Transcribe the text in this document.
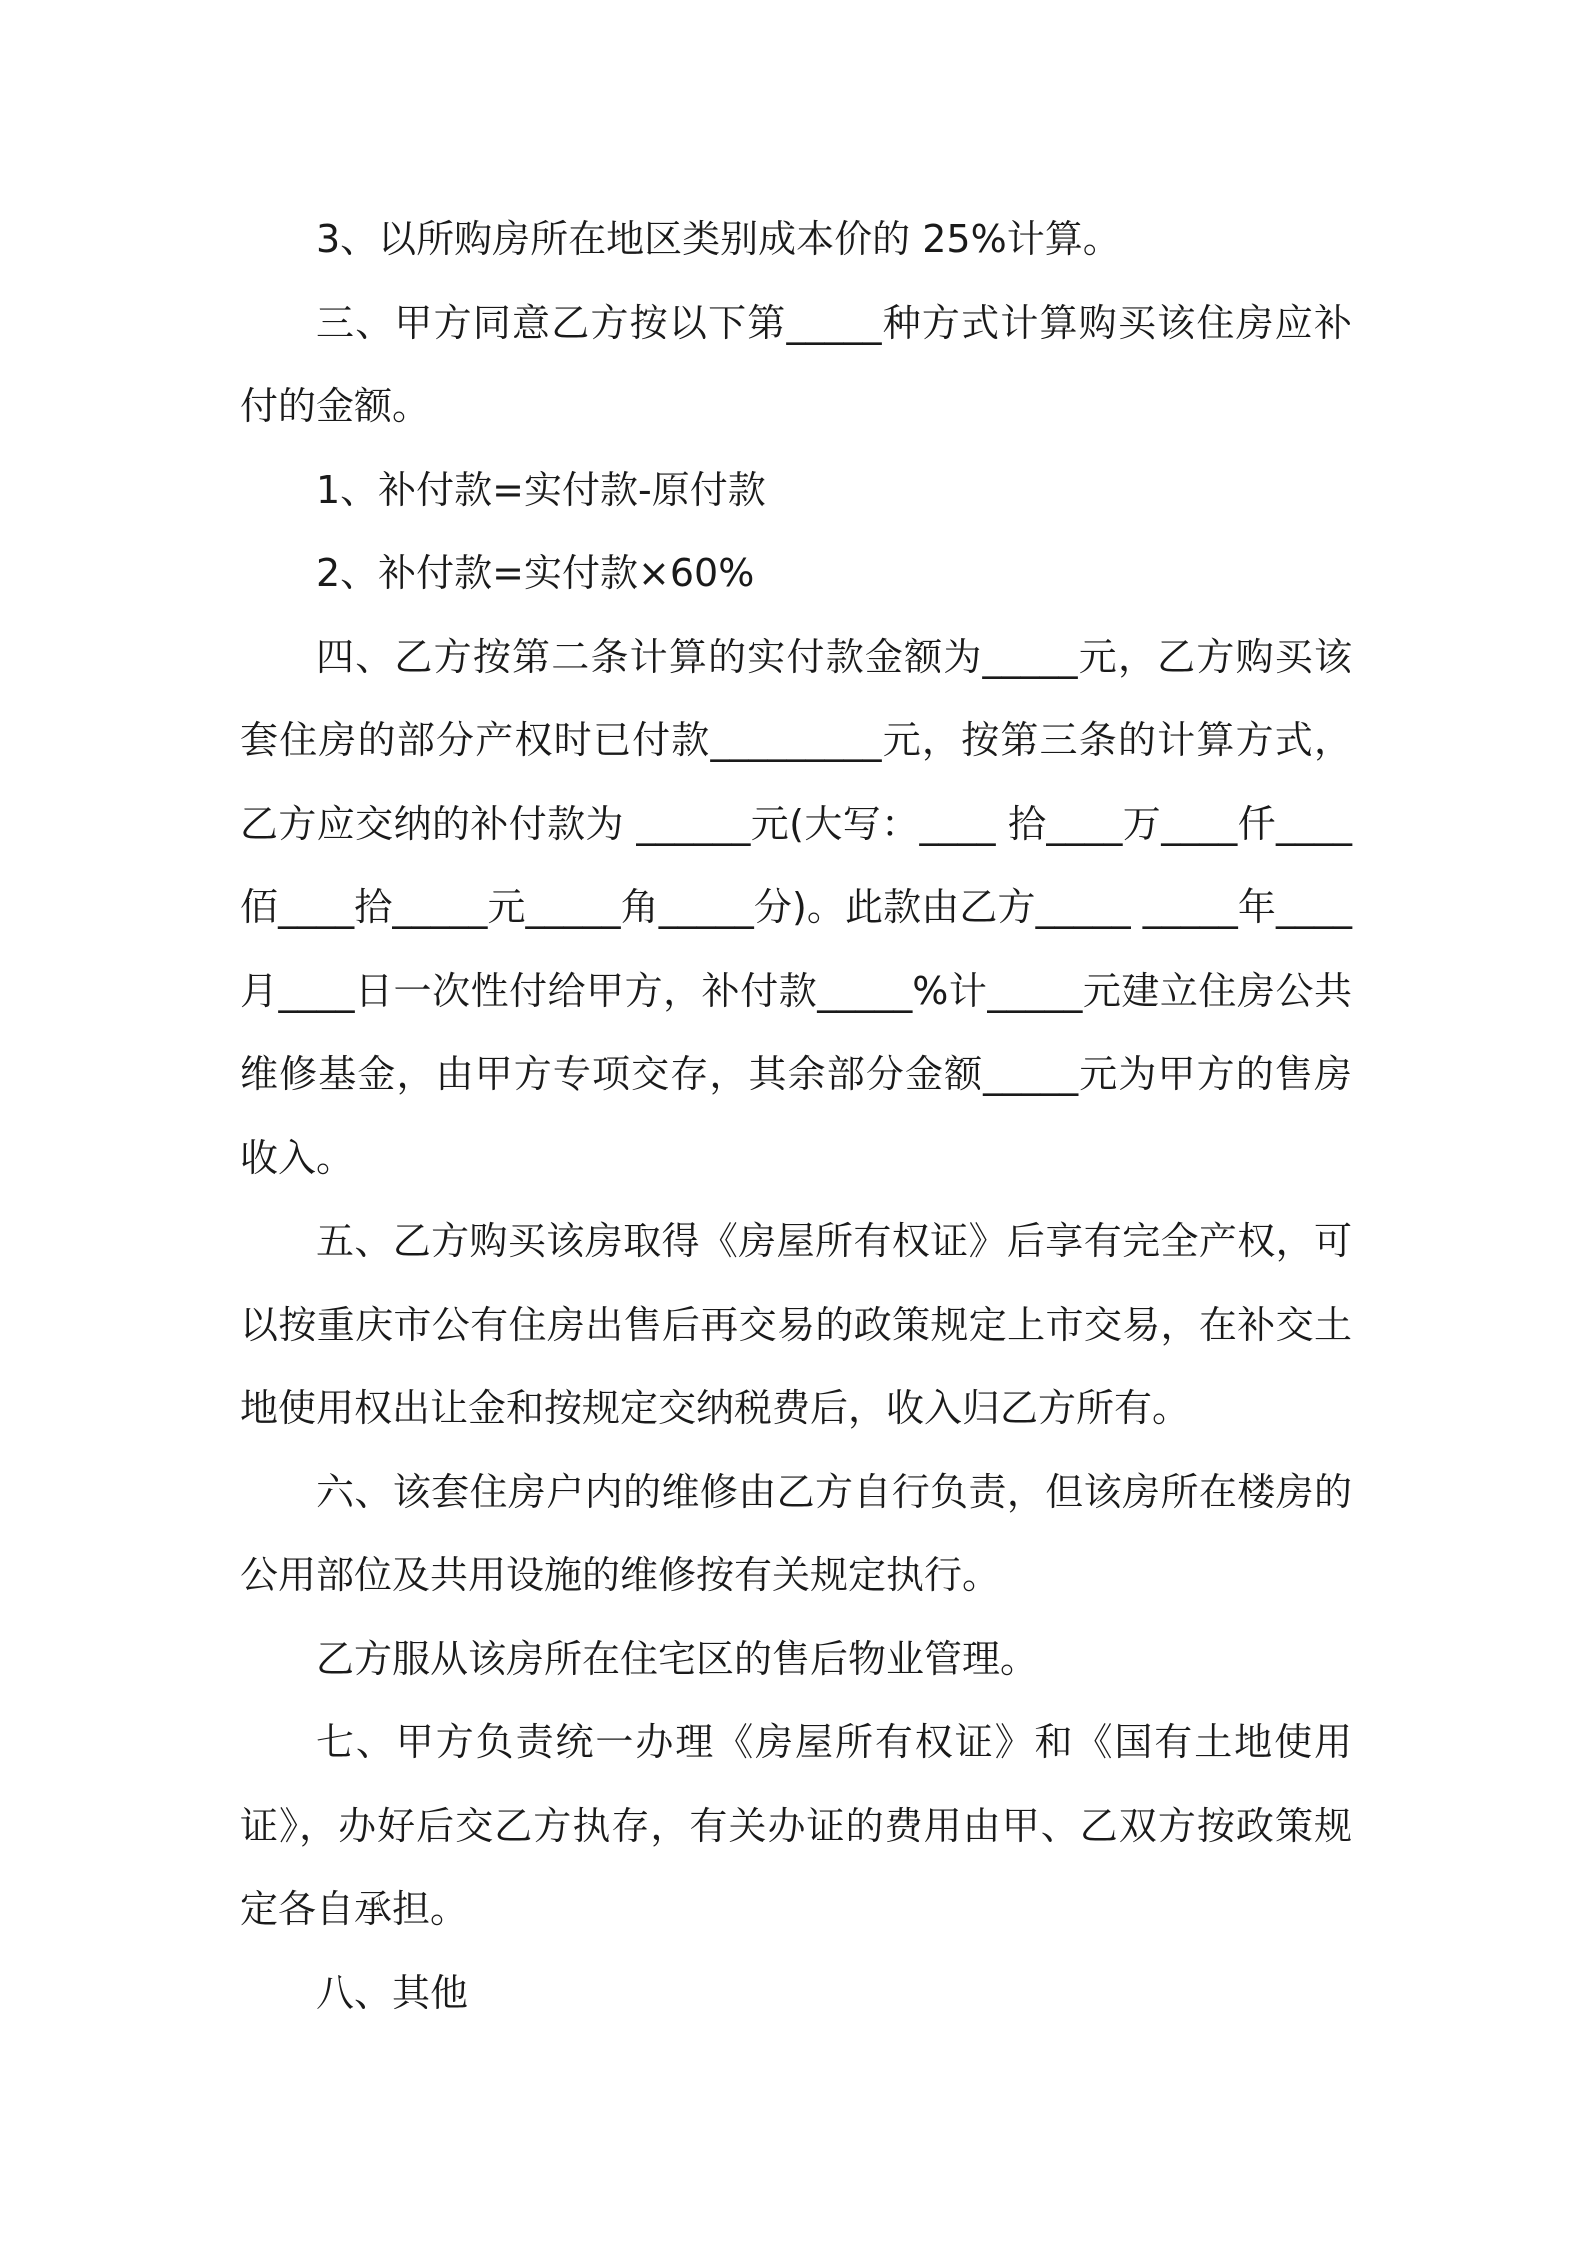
3、以所购房所在地区类别成本价的 25%计算。

三、甲方同意乙方按以下第_____种方式计算购买该住房应补付的金额。

1、补付款=实付款-原付款

2、补付款=实付款×60%

四、乙方按第二条计算的实付款金额为_____元，乙方购买该套住房的部分产权时已付款_________元，按第三条的计算方式，乙方应交纳的补付款为 ______元(大写：____ 拾____万____仟____佰____拾_____元_____角_____分)。此款由乙方_____ _____年____月____日一次性付给甲方，补付款_____%计_____元建立住房公共维修基金，由甲方专项交存，其余部分金额_____元为甲方的售房收入。

五、乙方购买该房取得《房屋所有权证》后享有完全产权，可以按重庆市公有住房出售后再交易的政策规定上市交易，在补交土地使用权出让金和按规定交纳税费后，收入归乙方所有。

六、该套住房户内的维修由乙方自行负责，但该房所在楼房的公用部位及共用设施的维修按有关规定执行。

乙方服从该房所在住宅区的售后物业管理。

七、甲方负责统一办理《房屋所有权证》和《国有土地使用证》，办好后交乙方执存，有关办证的费用由甲、乙双方按政策规定各自承担。

八、其他
